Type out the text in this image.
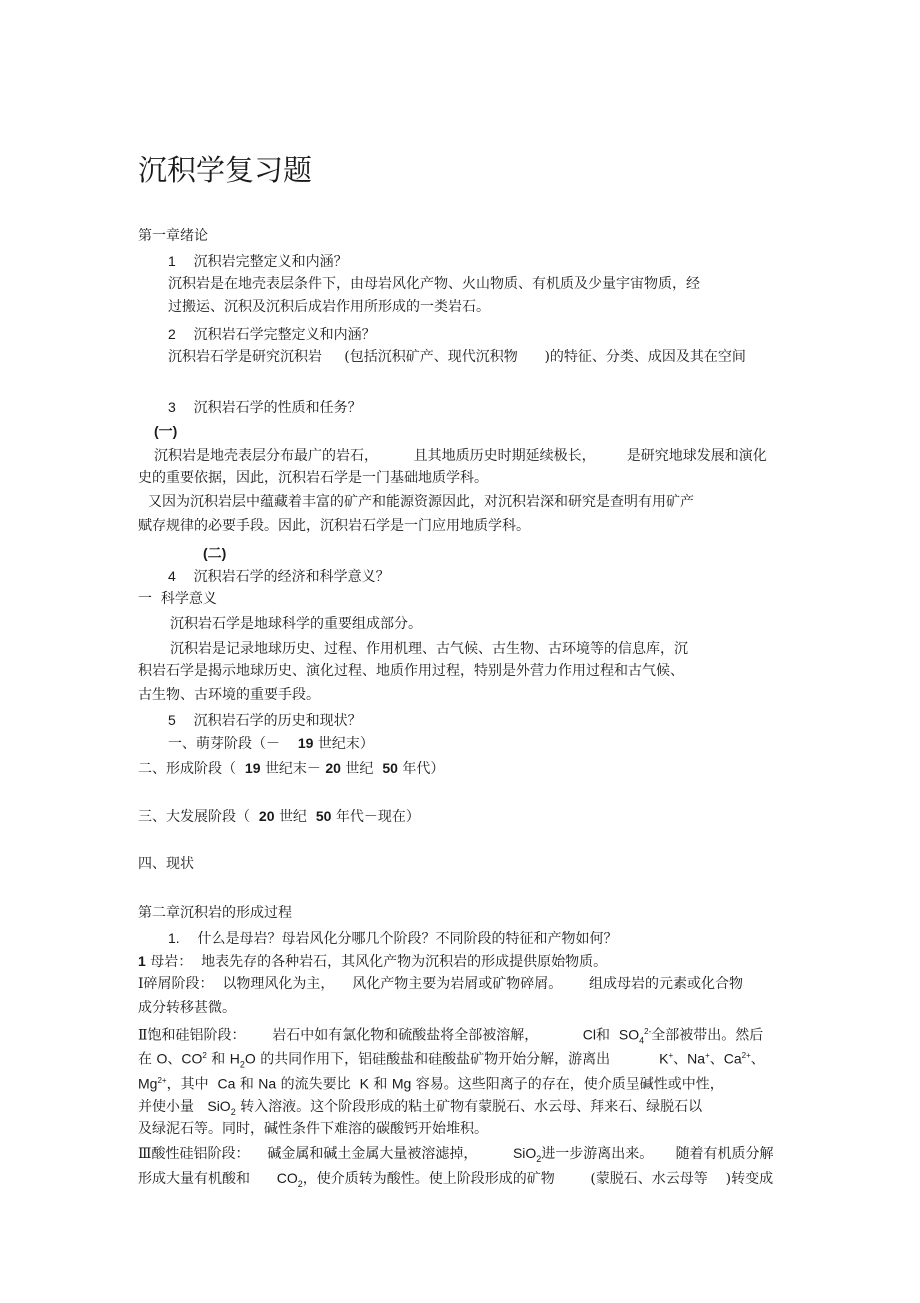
沉积学复习题
第一章绪论
1 沉积岩完整定义和内涵？
沉积岩是在地壳表层条件下，由母岩风化产物、火山物质、有机质及少量宇宙物质，经
过搬运、沉积及沉积后成岩作用所形成的一类岩石。
2 沉积岩石学完整定义和内涵？
沉积岩石学是研究沉积岩 (包括沉积矿产、现代沉积物 )的特征、分类、成因及其在空间
3 沉积岩石学的性质和任务？
(一)
沉积岩是地壳表层分布最广的岩石，	且其地质历史时期延续极长， 是研究地球发展和演化
史的重要依据，因此，沉积岩石学是一门基础地质学科。
又因为沉积岩层中蕴藏着丰富的矿产和能源资源因此，对沉积岩深和研究是查明有用矿产
赋存规律的必要手段。因此，沉积岩石学是一门应用地质学科。
(二)
4 沉积岩石学的经济和科学意义？
一  科学意义
沉积岩石学是地球科学的重要组成部分。
沉积岩是记录地球历史、过程、作用机理、古气候、古生物、古环境等的信息库，沉
积岩石学是揭示地球历史、演化过程、地质作用过程，特别是外营力作用过程和古气候、
古生物、古环境的重要手段。
5 沉积岩石学的历史和现状？
一、萌芽阶段（－ 19 世纪末）
二、形成阶段（ 19 世纪末－ 20 世纪 50 年代）
三、大发展阶段（ 20 世纪 50 年代－现在）
四、现状
第二章沉积岩的形成过程
1. 什么是母岩？母岩风化分哪几个阶段？不同阶段的特征和产物如何？
1 母岩： 地表先存的各种岩石，其风化产物为沉积岩的形成提供原始物质。
Ⅰ碎屑阶段： 以物理风化为主， 风化产物主要为岩屑或矿物碎屑。 组成母岩的元素或化合物
成分转移甚微。
Ⅱ饱和硅铝阶段： 岩石中如有氯化物和硫酸盐将全部被溶解，	Cl和 $SO_4^{2-}$全部被带出。然后
在 O、$CO^2$ 和 $H_2O$ 的共同作用下，铝硅酸盐和硅酸盐矿物开始分解，游离出	K+、Na+、$Ca^{2+}$、
$Mg^{2+}$，其中 Ca 和 Na 的流失要比 K 和 Mg 容易。这些阳离子的存在，使介质呈碱性或中性，
并使小量 SiO$_2$ 转入溶液。这个阶段形成的粘土矿物有蒙脱石、水云母、拜来石、绿脱石以
及绿泥石等。同时，碱性条件下难溶的碳酸钙开始堆积。
Ⅲ酸性硅铝阶段： 碱金属和碱土金属大量被溶滤掉，	SiO$_2$进一步游离出来。 随着有机质分解
形成大量有机酸和 $CO_2$，使介质转为酸性。使上阶段形成的矿物	(蒙脱石、水云母等 )转变成
